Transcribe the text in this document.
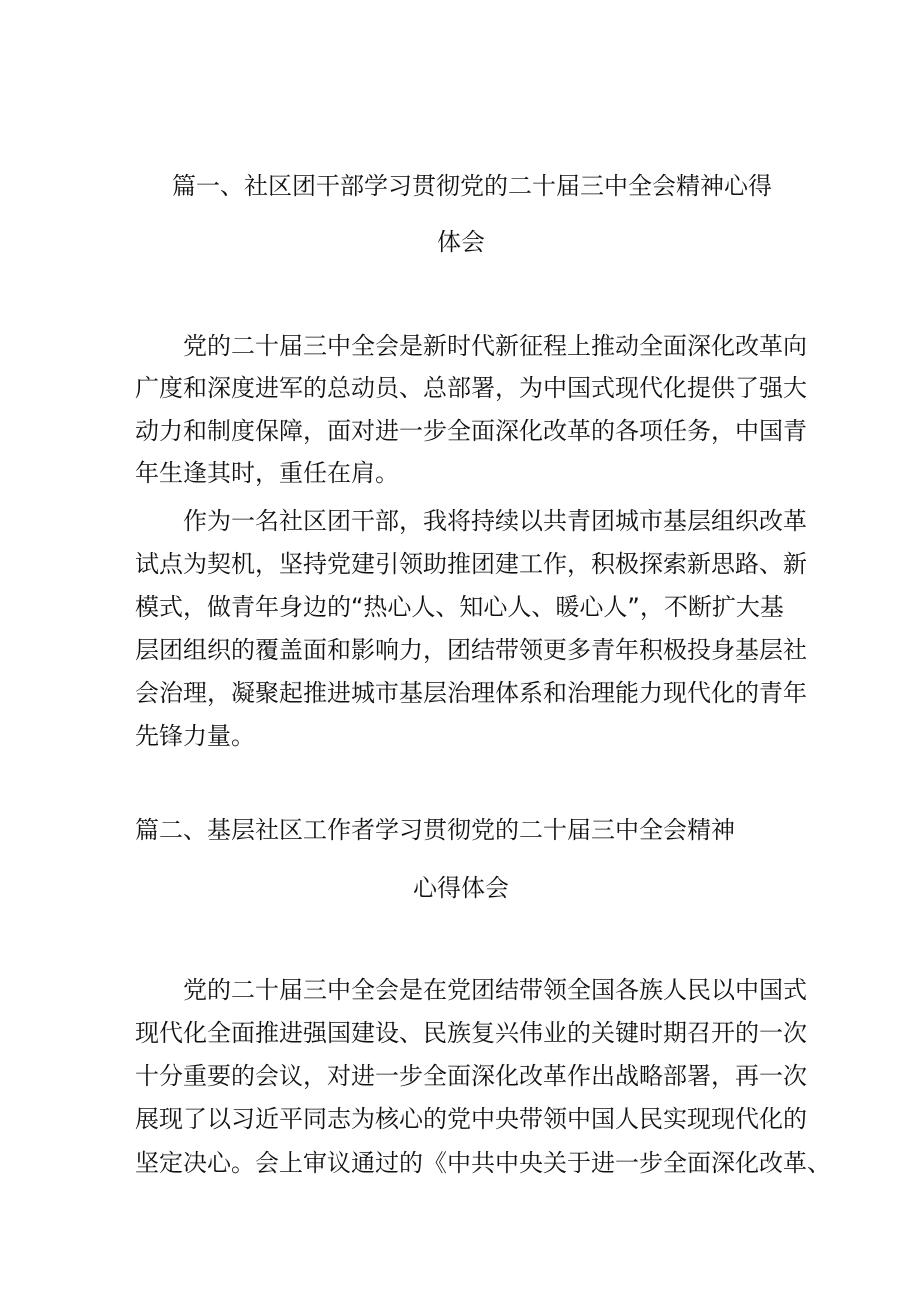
篇一、社区团干部学习贯彻党的二十届三中全会精神心得
体会
党的二十届三中全会是新时代新征程上推动全面深化改革向
广度和深度进军的总动员、总部署，为中国式现代化提供了强大
动力和制度保障，面对进一步全面深化改革的各项任务，中国青
年生逢其时，重任在肩。
作为一名社区团干部，我将持续以共青团城市基层组织改革
试点为契机，坚持党建引领助推团建工作，积极探索新思路、新
模式，做青年身边的“热心人、知心人、暖心人”，不断扩大基
层团组织的覆盖面和影响力，团结带领更多青年积极投身基层社
会治理，凝聚起推进城市基层治理体系和治理能力现代化的青年
先锋力量。
篇二、基层社区工作者学习贯彻党的二十届三中全会精神
心得体会
党的二十届三中全会是在党团结带领全国各族人民以中国式
现代化全面推进强国建设、民族复兴伟业的关键时期召开的一次
十分重要的会议，对进一步全面深化改革作出战略部署，再一次
展现了以习近平同志为核心的党中央带领中国人民实现现代化的
坚定决心。会上审议通过的《中共中央关于进一步全面深化改革、
